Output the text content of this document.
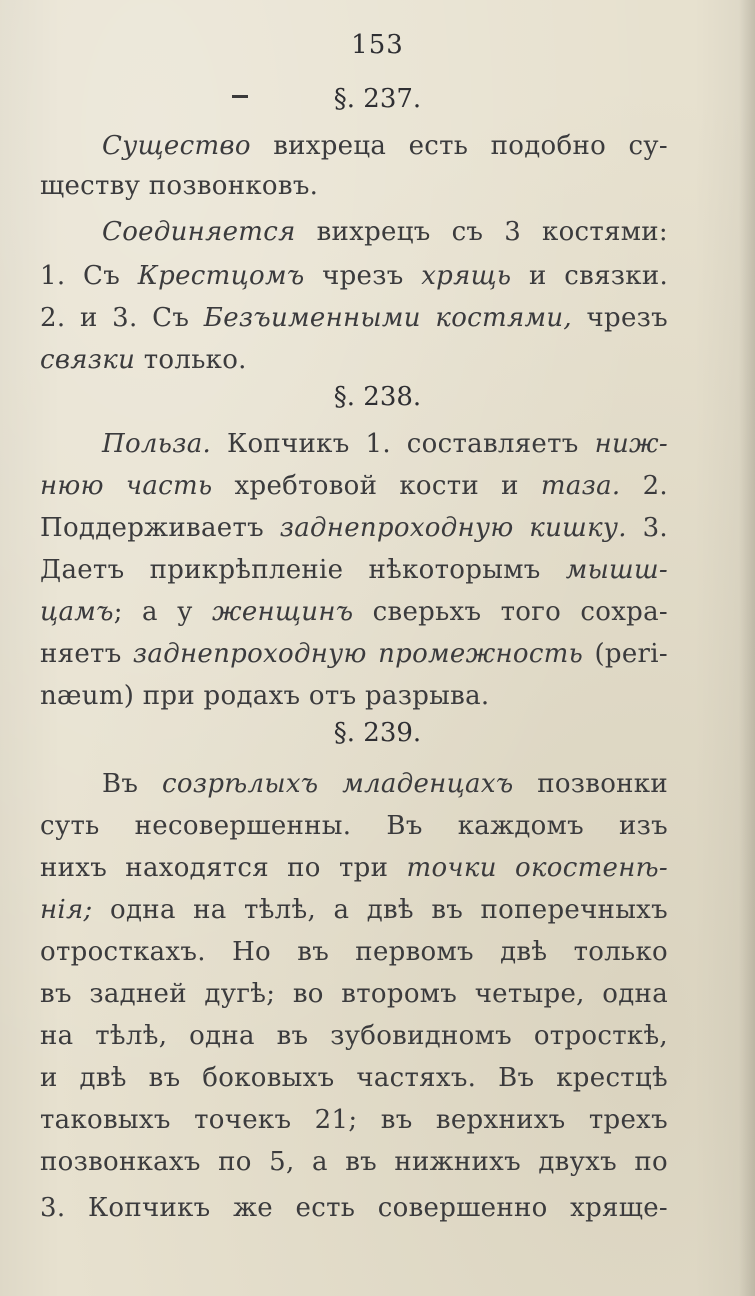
153
§. 237.
Существо вихреца есть подобно су-
ществу позвонковъ.
Соединяется вихрецъ съ 3 костями:
1. Съ Крестцомъ чрезъ хрящь и связки.
2. и 3. Съ Безъименными костями, чрезъ
связки только.
§. 238.
Польза. Копчикъ 1. составляетъ ниж-
нюю часть хребтовой кости и таза. 2.
Поддерживаетъ заднепроходную кишку. 3.
Даетъ прикрѣпленіе нѣкоторымъ мышш-
цамъ; а у женщинъ сверьхъ того сохра-
няетъ заднепроходную промежность (peri-
næum) при родахъ отъ разрыва.
§. 239.
Въ созрѣлыхъ младенцахъ позвонки
суть несовершенны. Въ каждомъ изъ
нихъ находятся по три точки окостенѣ-
нія; одна на тѣлѣ, а двѣ въ поперечныхъ
отросткахъ. Но въ первомъ двѣ только
въ задней дугѣ; во второмъ четыре, одна
на тѣлѣ, одна въ зубовидномъ отросткѣ,
и двѣ въ боковыхъ частяхъ. Въ крестцѣ
таковыхъ точекъ 21; въ верхнихъ трехъ
позвонкахъ по 5, а въ нижнихъ двухъ по
3. Копчикъ же есть совершенно хряще-
